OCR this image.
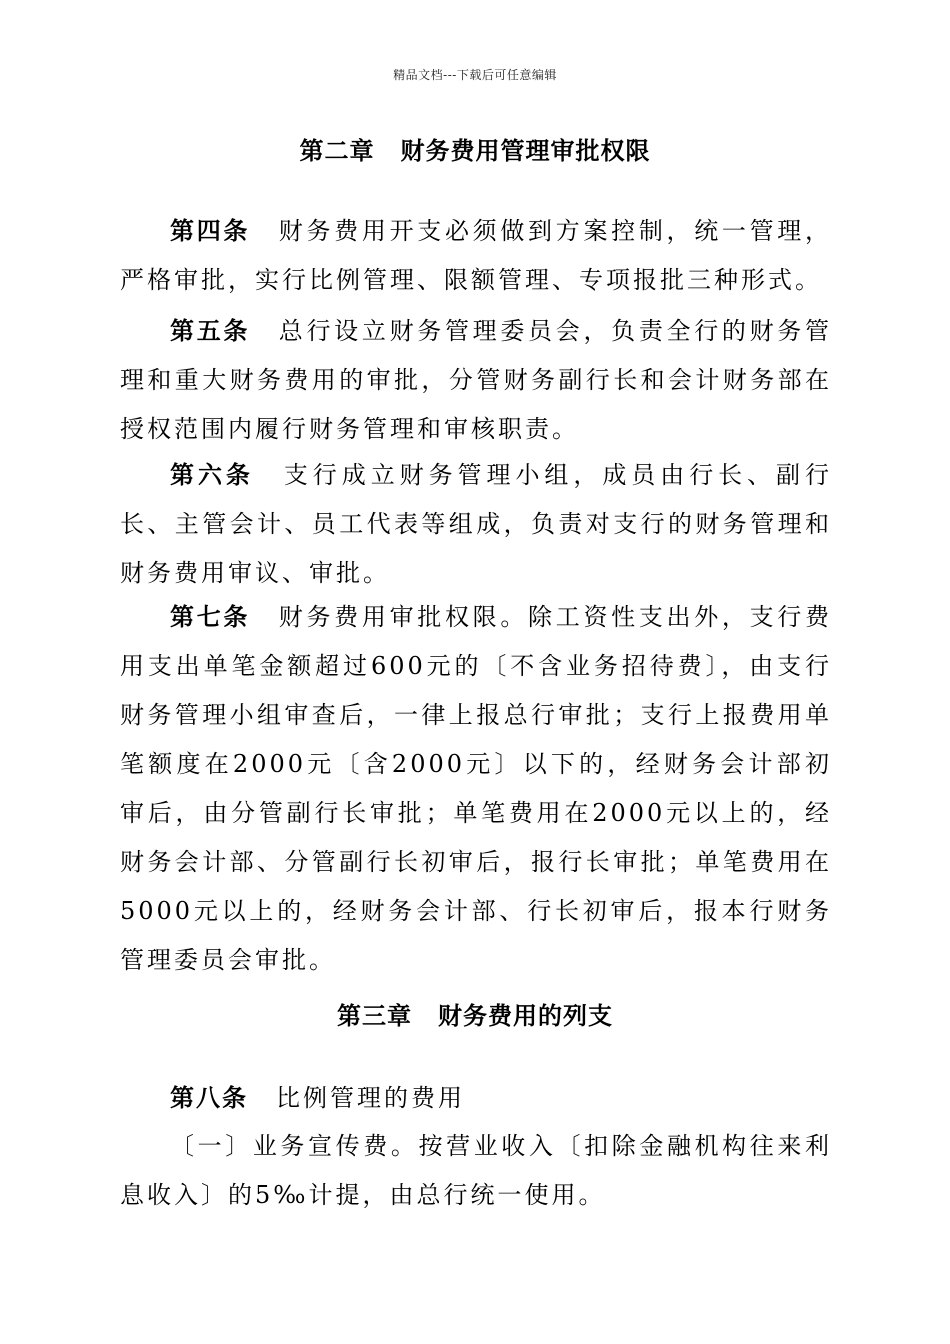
精品文档---下载后可任意编辑
第二章 财务费用管理审批权限
第四条 财务费用开支必须做到方案控制，统一管理，严格审批，实行比例管理、限额管理、专项报批三种形式。
第五条 总行设立财务管理委员会，负责全行的财务管理和重大财务费用的审批，分管财务副行长和会计财务部在授权范围内履行财务管理和审核职责。
第六条 支行成立财务管理小组，成员由行长、副行长、主管会计、员工代表等组成，负责对支行的财务管理和财务费用审议、审批。
第七条 财务费用审批权限。除工资性支出外，支行费用支出单笔金额超过600元的〔不含业务招待费〕，由支行财务管理小组审查后，一律上报总行审批；支行上报费用单笔额度在2000元〔含2000元〕以下的，经财务会计部初审后，由分管副行长审批；单笔费用在2000元以上的，经财务会计部、分管副行长初审后，报行长审批；单笔费用在5000元以上的，经财务会计部、行长初审后，报本行财务管理委员会审批。
第三章 财务费用的列支
第八条 比例管理的费用
〔一〕业务宣传费。按营业收入〔扣除金融机构往来利息收入〕的5‰计提，由总行统一使用。
